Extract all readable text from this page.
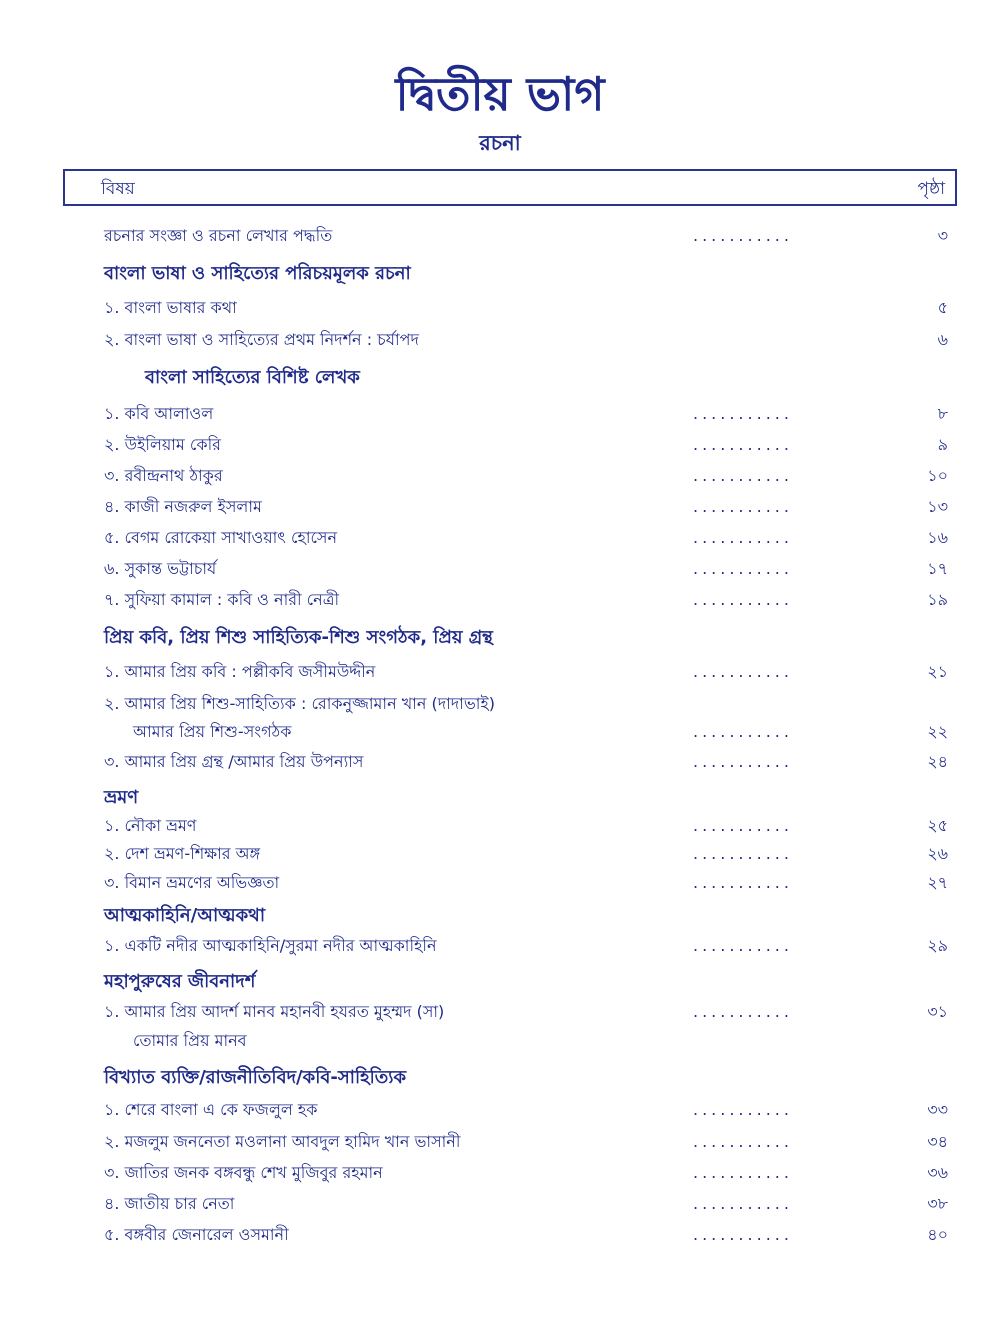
দ্বিতীয় ভাগ
রচনা
বিষয়	পৃষ্ঠা
রচনার সংজ্ঞা ও রচনা লেখার পদ্ধতি	...........	৩
বাংলা ভাষা ও সাহিত্যের পরিচয়মূলক রচনা
১. বাংলা ভাষার কথা	৫
২. বাংলা ভাষা ও সাহিত্যের প্রথম নিদর্শন : চর্যাপদ	৬
বাংলা সাহিত্যের বিশিষ্ট লেখক
১. কবি আলাওল	...........	৮
২. উইলিয়াম কেরি	...........	৯
৩. রবীন্দ্রনাথ ঠাকুর	...........	১০
৪. কাজী নজরুল ইসলাম	...........	১৩
৫. বেগম রোকেয়া সাখাওয়াৎ হোসেন	...........	১৬
৬. সুকান্ত ভট্টাচার্য	...........	১৭
৭. সুফিয়া কামাল : কবি ও নারী নেত্রী	...........	১৯
প্রিয় কবি, প্রিয় শিশু সাহিত্যিক-শিশু সংগঠক, প্রিয় গ্রন্থ
১. আমার প্রিয় কবি : পল্লীকবি জসীমউদ্দীন	...........	২১
২. আমার প্রিয় শিশু-সাহিত্যিক : রোকনুজ্জামান খান (দাদাভাই)
আমার প্রিয় শিশু-সংগঠক	...........	২২
৩. আমার প্রিয় গ্রন্থ /আমার প্রিয় উপন্যাস	...........	২৪
ভ্রমণ
১. নৌকা ভ্রমণ	...........	২৫
২. দেশ ভ্রমণ-শিক্ষার অঙ্গ	...........	২৬
৩. বিমান ভ্রমণের অভিজ্ঞতা	...........	২৭
আত্মকাহিনি/আত্মকথা
১. একটি নদীর আত্মকাহিনি/সুরমা নদীর আত্মকাহিনি	...........	২৯
মহাপুরুষের জীবনাদর্শ
১. আমার প্রিয় আদর্শ মানব মহানবী হযরত মুহম্মদ (সা)	...........	৩১
তোমার প্রিয় মানব
বিখ্যাত ব্যক্তি/রাজনীতিবিদ/কবি-সাহিত্যিক
১. শেরে বাংলা এ কে ফজলুল হক	...........	৩৩
২. মজলুম জননেতা মওলানা আবদুল হামিদ খান ভাসানী	...........	৩৪
৩. জাতির জনক বঙ্গবন্ধু শেখ মুজিবুর রহমান	...........	৩৬
৪. জাতীয় চার নেতা	...........	৩৮
৫. বঙ্গবীর জেনারেল ওসমানী	...........	৪০
